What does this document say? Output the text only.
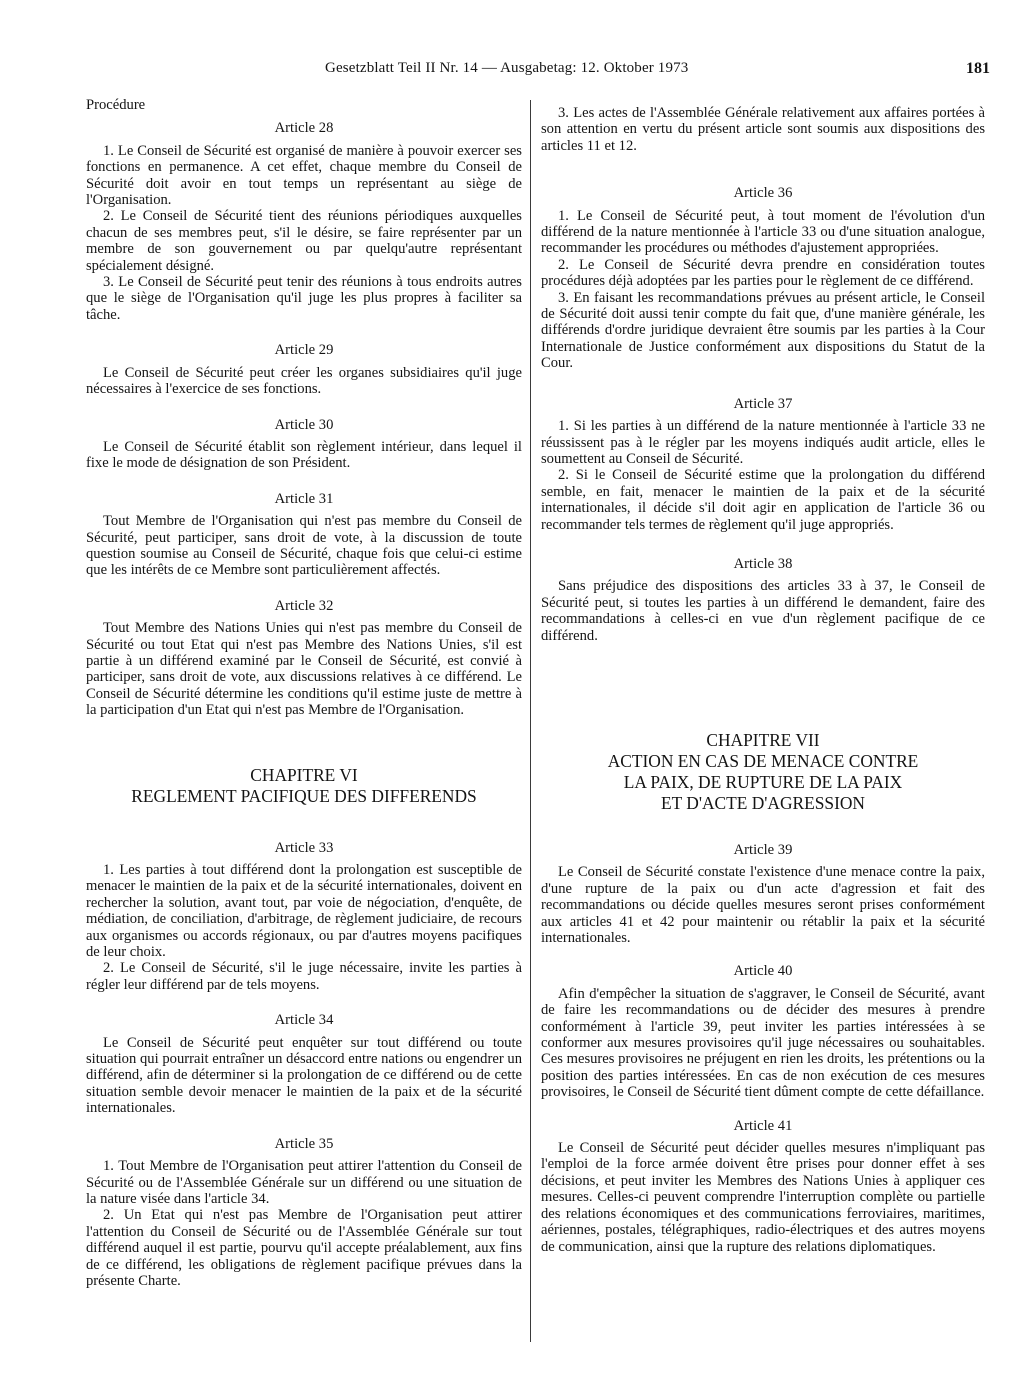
Gesetzblatt Teil II Nr. 14 — Ausgabetag: 12. Oktober 1973	181
Procédure
Article 28

1. Le Conseil de Sécurité est organisé de manière à pouvoir exercer ses fonctions en permanence. A cet effet, chaque membre du Conseil de Sécurité doit avoir en tout temps un représentant au siège de l'Organisation.

2. Le Conseil de Sécurité tient des réunions périodiques auxquelles chacun de ses membres peut, s'il le désire, se faire représenter par un membre de son gouvernement ou par quelqu'autre représentant spécialement désigné.

3. Le Conseil de Sécurité peut tenir des réunions à tous endroits autres que le siège de l'Organisation qu'il juge les plus propres à faciliter sa tâche.

Article 29

Le Conseil de Sécurité peut créer les organes subsidiaires qu'il juge nécessaires à l'exercice de ses fonctions.

Article 30

Le Conseil de Sécurité établit son règlement intérieur, dans lequel il fixe le mode de désignation de son Président.

Article 31

Tout Membre de l'Organisation qui n'est pas membre du Conseil de Sécurité, peut participer, sans droit de vote, à la discussion de toute question soumise au Conseil de Sécurité, chaque fois que celui-ci estime que les intérêts de ce Membre sont particulièrement affectés.

Article 32

Tout Membre des Nations Unies qui n'est pas membre du Conseil de Sécurité ou tout Etat qui n'est pas Membre des Nations Unies, s'il est partie à un différend examiné par le Conseil de Sécurité, est convié à participer, sans droit de vote, aux discussions relatives à ce différend. Le Conseil de Sécurité détermine les conditions qu'il estime juste de mettre à la participation d'un Etat qui n'est pas Membre de l'Organisation.

CHAPITRE VI
REGLEMENT PACIFIQUE DES DIFFERENDS
Article 33

1. Les parties à tout différend dont la prolongation est susceptible de menacer le maintien de la paix et de la sécurité internationales, doivent en rechercher la solution, avant tout, par voie de négociation, d'enquête, de médiation, de conciliation, d'arbitrage, de règlement judiciaire, de recours aux organismes ou accords régionaux, ou par d'autres moyens pacifiques de leur choix.

2. Le Conseil de Sécurité, s'il le juge nécessaire, invite les parties à régler leur différend par de tels moyens.

Article 34

Le Conseil de Sécurité peut enquêter sur tout différend ou toute situation qui pourrait entraîner un désaccord entre nations ou engendrer un différend, afin de déterminer si la prolongation de ce différend ou de cette situation semble devoir menacer le maintien de la paix et de la sécurité internationales.

Article 35

1. Tout Membre de l'Organisation peut attirer l'attention du Conseil de Sécurité ou de l'Assemblée Générale sur un différend ou une situation de la nature visée dans l'article 34.

2. Un Etat qui n'est pas Membre de l'Organisation peut attirer l'attention du Conseil de Sécurité ou de l'Assemblée Générale sur tout différend auquel il est partie, pourvu qu'il accepte préalablement, aux fins de ce différend, les obligations de règlement pacifique prévues dans la présente Charte.

3. Les actes de l'Assemblée Générale relativement aux affaires portées à son attention en vertu du présent article sont soumis aux dispositions des articles 11 et 12.

Article 36

1. Le Conseil de Sécurité peut, à tout moment de l'évolution d'un différend de la nature mentionnée à l'article 33 ou d'une situation analogue, recommander les procédures ou méthodes d'ajustement appropriées.

2. Le Conseil de Sécurité devra prendre en considération toutes procédures déjà adoptées par les parties pour le règlement de ce différend.

3. En faisant les recommandations prévues au présent article, le Conseil de Sécurité doit aussi tenir compte du fait que, d'une manière générale, les différends d'ordre juridique devraient être soumis par les parties à la Cour Internationale de Justice conformément aux dispositions du Statut de la Cour.

Article 37

1. Si les parties à un différend de la nature mentionnée à l'article 33 ne réussissent pas à le régler par les moyens indiqués audit article, elles le soumettent au Conseil de Sécurité.

2. Si le Conseil de Sécurité estime que la prolongation du différend semble, en fait, menacer le maintien de la paix et de la sécurité internationales, il décide s'il doit agir en application de l'article 36 ou recommander tels termes de règlement qu'il juge appropriés.

Article 38

Sans préjudice des dispositions des articles 33 à 37, le Conseil de Sécurité peut, si toutes les parties à un différend le demandent, faire des recommandations à celles-ci en vue d'un règlement pacifique de ce différend.

CHAPITRE VII
ACTION EN CAS DE MENACE CONTRE
LA PAIX, DE RUPTURE DE LA PAIX
ET D'ACTE D'AGRESSION
Article 39

Le Conseil de Sécurité constate l'existence d'une menace contre la paix, d'une rupture de la paix ou d'un acte d'agression et fait des recommandations ou décide quelles mesures seront prises conformément aux articles 41 et 42 pour maintenir ou rétablir la paix et la sécurité internationales.

Article 40

Afin d'empêcher la situation de s'aggraver, le Conseil de Sécurité, avant de faire les recommandations ou de décider des mesures à prendre conformément à l'article 39, peut inviter les parties intéressées à se conformer aux mesures provisoires qu'il juge nécessaires ou souhaitables. Ces mesures provisoires ne préjugent en rien les droits, les prétentions ou la position des parties intéressées. En cas de non exécution de ces mesures provisoires, le Conseil de Sécurité tient dûment compte de cette défaillance.

Article 41

Le Conseil de Sécurité peut décider quelles mesures n'impliquant pas l'emploi de la force armée doivent être prises pour donner effet à ses décisions, et peut inviter les Membres des Nations Unies à appliquer ces mesures. Celles-ci peuvent comprendre l'interruption complète ou partielle des relations économiques et des communications ferroviaires, maritimes, aériennes, postales, télégraphiques, radio-électriques et des autres moyens de communication, ainsi que la rupture des relations diplomatiques.
